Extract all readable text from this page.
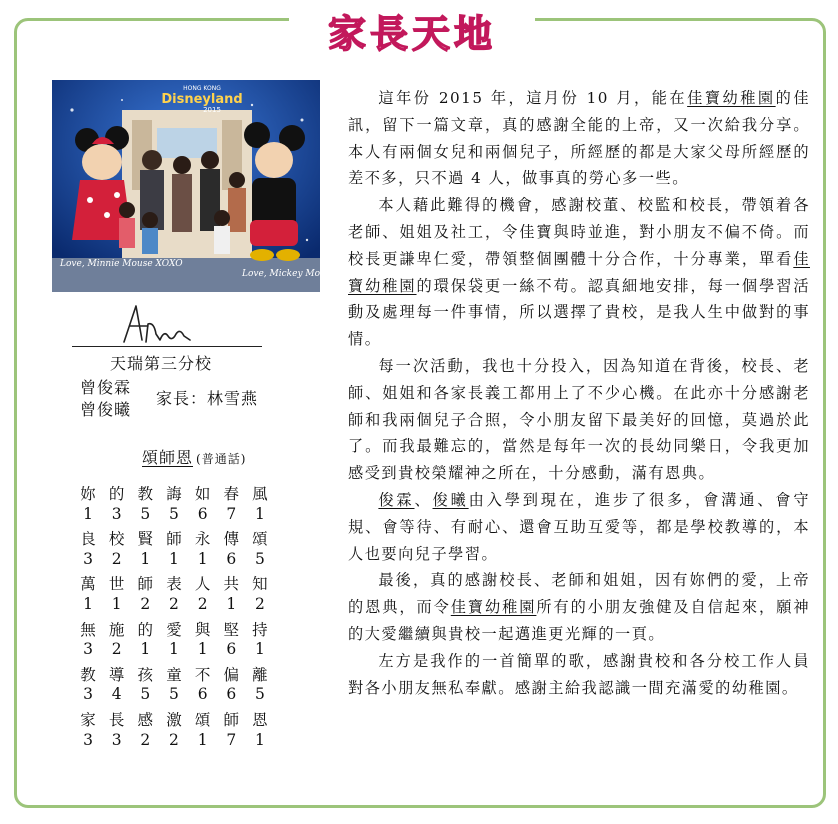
家長天地
HONG KONG
Disneyland
2015
Love, Minnie Mouse XOXO
Love, Mickey Mouse
天瑞第三分校
曾俊霖
曾俊曦
家長：林雪燕
頌師恩 (普通話)
妳 的 教 誨 如 春 風
1	3	5	5	6	7	1
良 校 賢 師 永 傳 頌
3	2	1	1	1	6	5
萬 世 師 表 人 共 知
1	1	2	2	2	1	2
無 施 的 愛 與 堅 持
3	2	1	1	1	6	1
教 導 孩 童 不 偏 離
3	4	5	5	6	6	5
家 長 感 激 頌 師 恩
3	3	2	2	1	7	1

這年份 2015 年，這月份 10 月，能在佳寶幼稚園的佳訊，留下一篇文章，真的感謝全能的上帝，又一次給我分享。本人有兩個女兒和兩個兒子，所經歷的都是大家父母所經歷的差不多，只不過 4 人，做事真的勞心多一些。

本人藉此難得的機會，感謝校董、校監和校長，帶領着各老師、姐姐及社工，令佳寶與時並進，對小朋友不偏不倚。而校長更謙卑仁愛，帶領整個團體十分合作，十分專業，單看佳寶幼稚園的環保袋更一絲不苟。認真細地安排，每一個學習活動及處理每一件事情，所以選擇了貴校，是我人生中做對的事情。

每一次活動，我也十分投入，因為知道在背後，校長、老師、姐姐和各家長義工都用上了不少心機。在此亦十分感謝老師和我兩個兒子合照，令小朋友留下最美好的回憶，莫過於此了。而我最難忘的，當然是每年一次的長幼同樂日，令我更加感受到貴校榮耀神之所在，十分感動，滿有恩典。

俊霖、俊曦由入學到現在，進步了很多，會溝通、會守規、會等待、有耐心、還會互助互愛等，都是學校教導的，本人也要向兒子學習。

最後，真的感謝校長、老師和姐姐，因有妳們的愛，上帝的恩典，而令佳寶幼稚園所有的小朋友強健及自信起來，願神的大愛繼續與貴校一起邁進更光輝的一頁。

左方是我作的一首簡單的歌，感謝貴校和各分校工作人員對各小朋友無私奉獻。感謝主給我認識一間充滿愛的幼稚園。
